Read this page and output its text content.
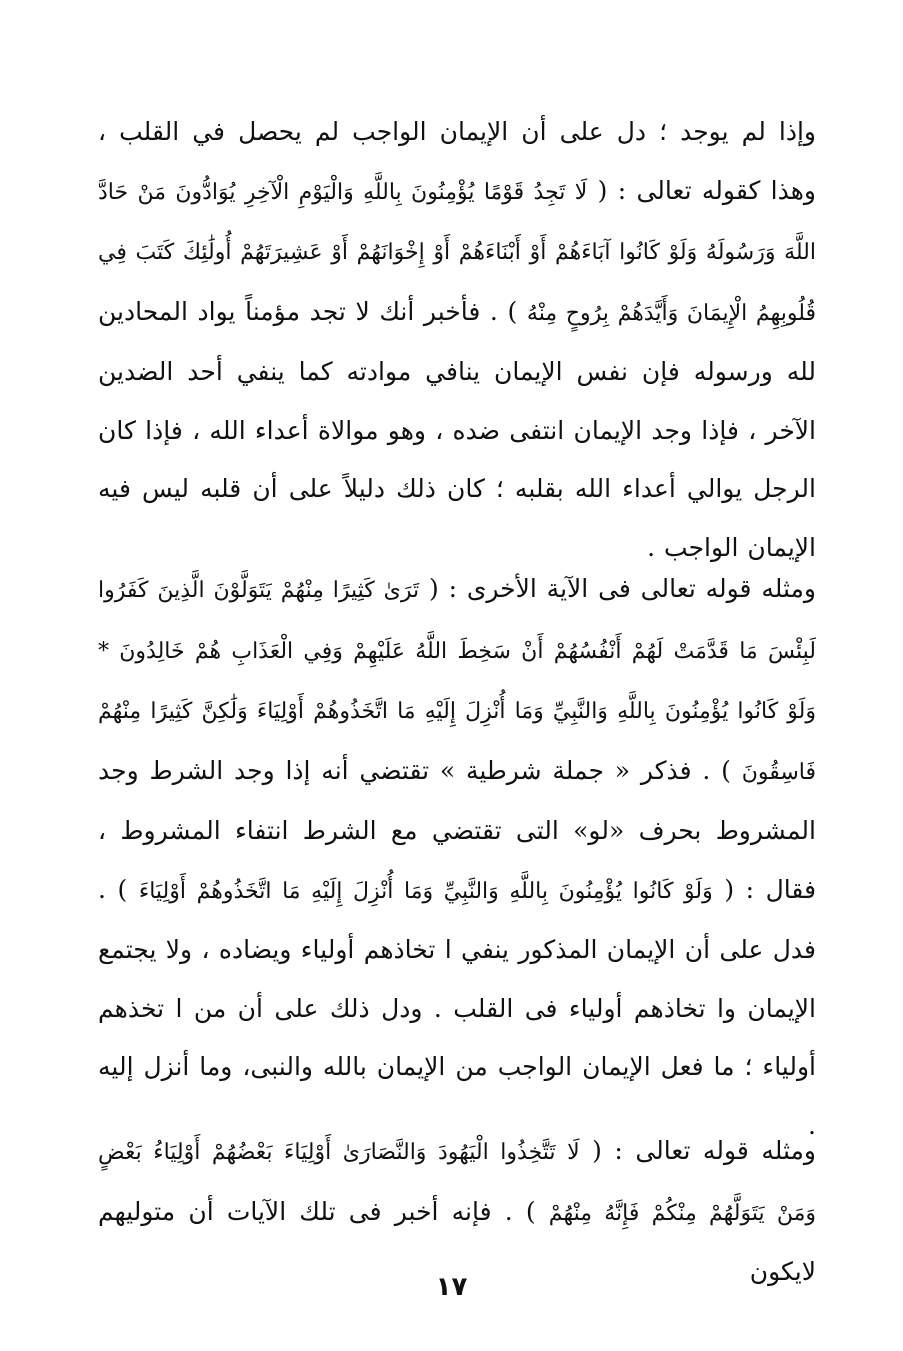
وإذا لم يوجد ؛ دل على أن الإيمان الواجب لم يحصل في القلب ، وهذا كقوله تعالى : ( لَا تَجِدُ قَوْمًا يُؤْمِنُونَ بِاللَّهِ وَالْيَوْمِ الْآخِرِ يُوَادُّونَ مَنْ حَادَّ اللَّهَ وَرَسُولَهُ وَلَوْ كَانُوا آبَاءَهُمْ أَوْ أَبْنَاءَهُمْ أَوْ إِخْوَانَهُمْ أَوْ عَشِيرَتَهُمْ أُولَٰئِكَ كَتَبَ فِي قُلُوبِهِمُ الْإِيمَانَ وَأَيَّدَهُمْ بِرُوحٍ مِنْهُ ) . فأخبر أنك لا تجد مؤمناً يواد المحادين لله ورسوله فإن نفس الإيمان ينافي موادته كما ينفي أحد الضدين الآخر ، فإذا وجد الإيمان انتفى ضده ، وهو موالاة أعداء الله ، فإذا كان الرجل يوالي أعداء الله بقلبه ؛ كان ذلك دليلاً على أن قلبه ليس فيه الإيمان الواجب .
ومثله قوله تعالى فى الآية الأخرى : ( تَرَىٰ كَثِيرًا مِنْهُمْ يَتَوَلَّوْنَ الَّذِينَ كَفَرُوا لَبِئْسَ مَا قَدَّمَتْ لَهُمْ أَنْفُسُهُمْ أَنْ سَخِطَ اللَّهُ عَلَيْهِمْ وَفِي الْعَذَابِ هُمْ خَالِدُونَ * وَلَوْ كَانُوا يُؤْمِنُونَ بِاللَّهِ وَالنَّبِيِّ وَمَا أُنْزِلَ إِلَيْهِ مَا اتَّخَذُوهُمْ أَوْلِيَاءَ وَلَٰكِنَّ كَثِيرًا مِنْهُمْ فَاسِقُونَ ) . فذكر « جملة شرطية » تقتضي أنه إذا وجد الشرط وجد المشروط بحرف «لو» التى تقتضي مع الشرط انتفاء المشروط ، فقال : ( وَلَوْ كَانُوا يُؤْمِنُونَ بِاللَّهِ وَالنَّبِيِّ وَمَا أُنْزِلَ إِلَيْهِ مَا اتَّخَذُوهُمْ أَوْلِيَاءَ ) . فدل على أن الإيمان المذكور ينفي ا تخاذهم أولياء ويضاده ، ولا يجتمع الإيمان وا تخاذهم أولياء فى القلب . ودل ذلك على أن من ا تخذهم أولياء ؛ ما فعل الإيمان الواجب من الإيمان بالله والنبى، وما أنزل إليه .
ومثله قوله تعالى : ( لَا تَتَّخِذُوا الْيَهُودَ وَالنَّصَارَىٰ أَوْلِيَاءَ بَعْضُهُمْ أَوْلِيَاءُ بَعْضٍ وَمَنْ يَتَوَلَّهُمْ مِنْكُمْ فَإِنَّهُ مِنْهُمْ ) . فإنه أخبر فى تلك الآيات أن متوليهم لايكون
١٧
